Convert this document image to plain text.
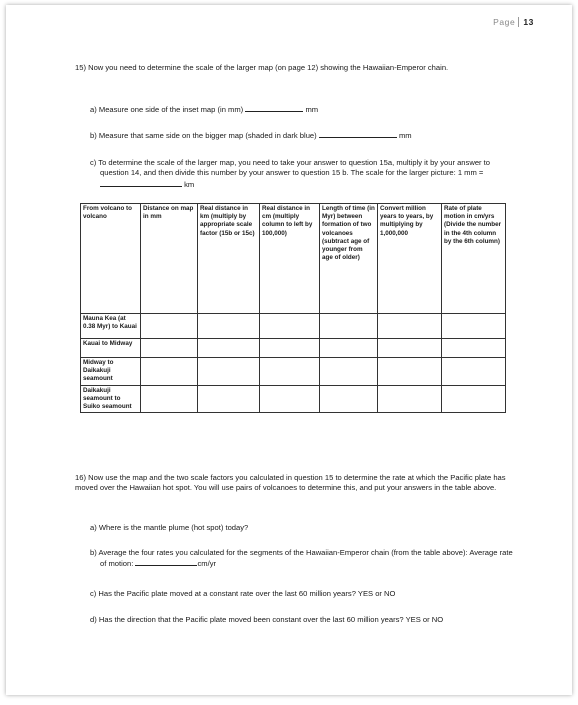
Page 13

15) Now you need to determine the scale of the larger map (on page 12) showing the Hawaiian-Emperor chain.

a) Measure one side of the inset map (in mm)	mm

b) Measure that same side on the bigger map (shaded in dark blue)	mm

c) To determine the scale of the larger map, you need to take your answer to question 15a, multiply it by your answer to question 14, and then divide this number by your answer to question 15 b. The scale for the larger picture: 1 mm =  km

From volcano to volcano	Distance on map in mm	Real distance in km (multiply by appropriate scale factor (15b or 15c)	Real distance in cm (multiply column to left by 100,000)	Length of time (in Myr) between formation of two volcanoes (subtract age of younger from age of older)	Convert million years to years, by multiplying by 1,000,000	Rate of plate motion in cm/yrs (Divide the number in the 4th column by the 6th column)
Mauna Kea (at 0.38 Myr) to Kauai						
Kauai to Midway						
Midway to Daikakuji seamount						
Daikakuji seamount to Suiko seamount						

16) Now use the map and the two scale factors you calculated in question 15 to determine the rate at which the Pacific plate has moved over the Hawaiian hot spot. You will use pairs of volcanoes to determine this, and put your answers in the table above.

a) Where is the mantle plume (hot spot) today?

b) Average the four rates you calculated for the segments of the Hawaiian-Emperor chain (from the table above): Average rate of motion:	cm/yr

c) Has the Pacific plate moved at a constant rate over the last 60 million years? YES or NO

d) Has the direction that the Pacific plate moved been constant over the last 60 million years? YES or NO
